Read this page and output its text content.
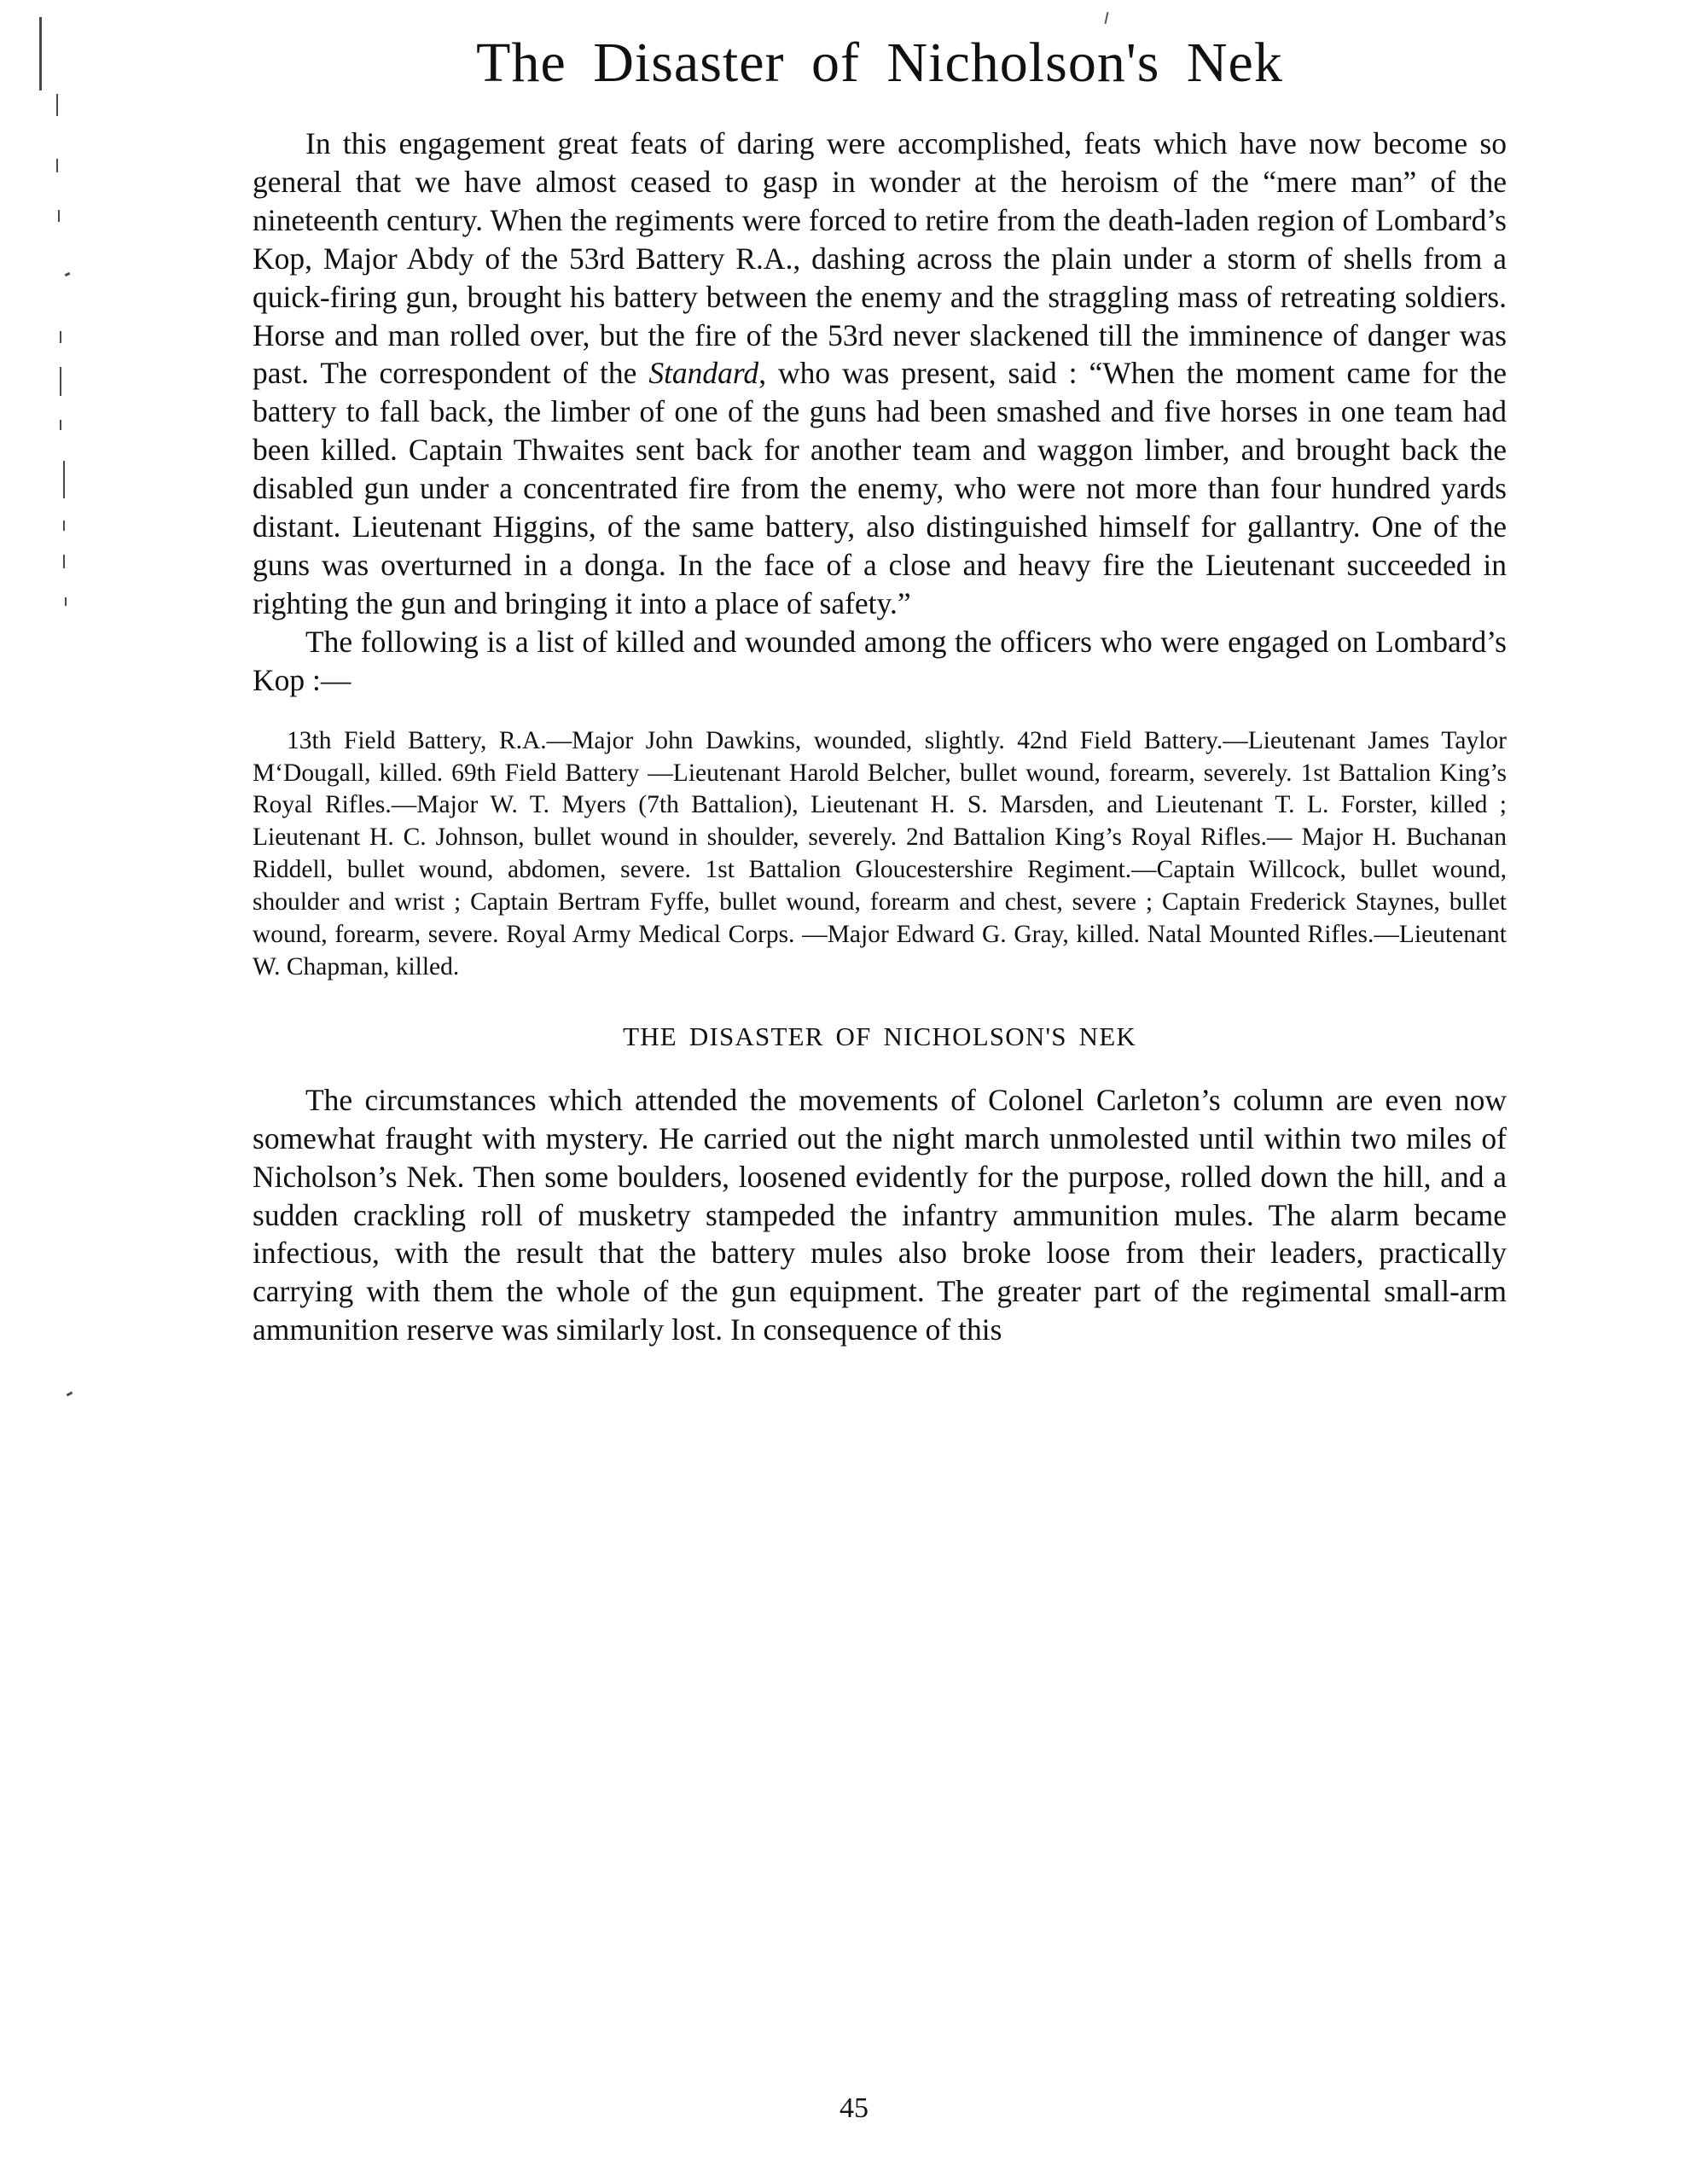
The Disaster of Nicholson's Nek

In this engagement great feats of daring were accomplished, feats which have now become so general that we have almost ceased to gasp in wonder at the heroism of the “mere man” of the nineteenth century. When the regiments were forced to retire from the death-laden region of Lombard’s Kop, Major Abdy of the 53rd Battery R.A., dashing across the plain under a storm of shells from a quick-firing gun, brought his battery between the enemy and the straggling mass of retreating soldiers. Horse and man rolled over, but the fire of the 53rd never slackened till the imminence of danger was past. The correspondent of the Standard, who was present, said : “When the moment came for the battery to fall back, the limber of one of the guns had been smashed and five horses in one team had been killed. Captain Thwaites sent back for another team and waggon limber, and brought back the disabled gun under a concentrated fire from the enemy, who were not more than four hundred yards distant. Lieutenant Higgins, of the same battery, also distinguished himself for gallantry. One of the guns was overturned in a donga. In the face of a close and heavy fire the Lieutenant succeeded in righting the gun and bringing it into a place of safety.”

The following is a list of killed and wounded among the officers who were engaged on Lombard’s Kop :—

13th Field Battery, R.A.—Major John Dawkins, wounded, slightly. 42nd Field Battery.—Lieutenant James Taylor M‘Dougall, killed. 69th Field Battery —Lieutenant Harold Belcher, bullet wound, forearm, severely. 1st Battalion King’s Royal Rifles.—Major W. T. Myers (7th Battalion), Lieutenant H. S. Marsden, and Lieutenant T. L. Forster, killed ; Lieutenant H. C. Johnson, bullet wound in shoulder, severely. 2nd Battalion King’s Royal Rifles.— Major H. Buchanan Riddell, bullet wound, abdomen, severe. 1st Battalion Gloucestershire Regiment.—Captain Willcock, bullet wound, shoulder and wrist ; Captain Bertram Fyffe, bullet wound, forearm and chest, severe ; Captain Frederick Staynes, bullet wound, forearm, severe. Royal Army Medical Corps. —Major Edward G. Gray, killed. Natal Mounted Rifles.—Lieutenant W. Chapman, killed.

THE DISASTER OF NICHOLSON'S NEK

The circumstances which attended the movements of Colonel Carleton’s column are even now somewhat fraught with mystery. He carried out the night march unmolested until within two miles of Nicholson’s Nek. Then some boulders, loosened evidently for the purpose, rolled down the hill, and a sudden crackling roll of musketry stampeded the infantry ammunition mules. The alarm became infectious, with the result that the battery mules also broke loose from their leaders, practically carrying with them the whole of the gun equipment. The greater part of the regimental small-arm ammunition reserve was similarly lost. In consequence of this

45
